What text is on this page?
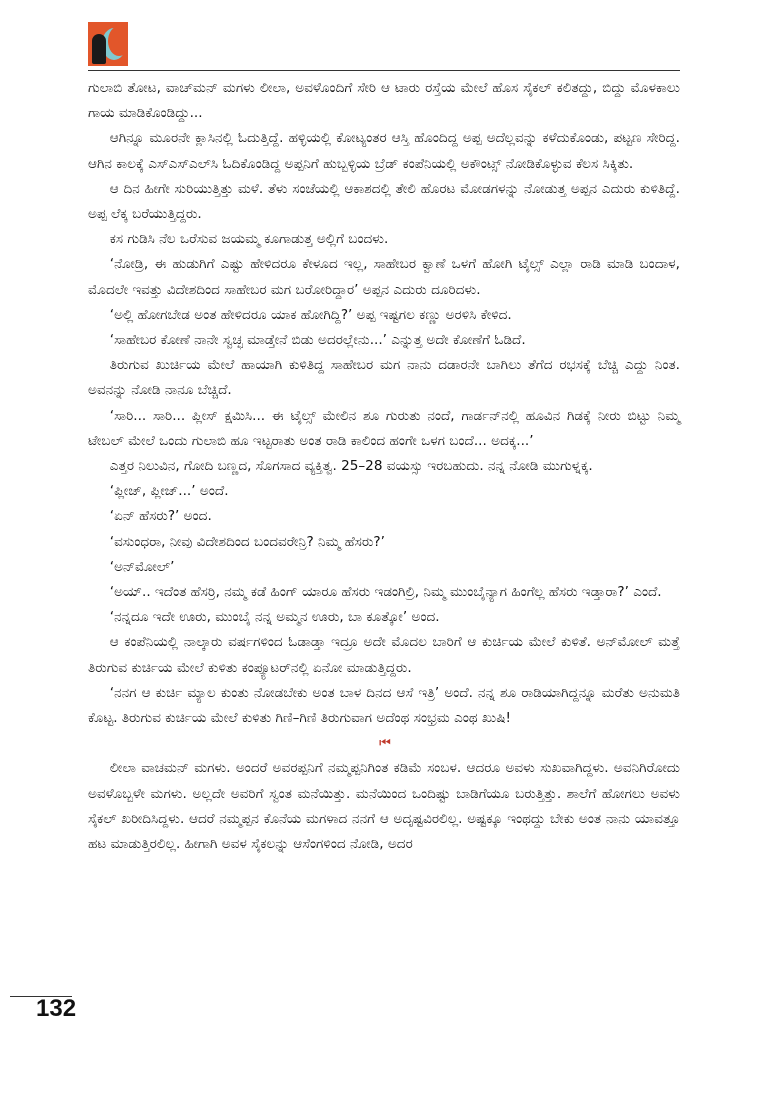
ಗುಲಾಬಿ ತೋಟ, ವಾಚ್‌ಮನ್ ಮಗಳು ಲೀಲಾ, ಅವಳೊಂದಿಗೆ ಸೇರಿ ಆ ಟಾರು ರಸ್ತೆಯ ಮೇಲೆ ಹೊಸ ಸೈಕಲ್ ಕಲಿತದ್ದು, ಬಿದ್ದು ಮೊಳಕಾಲು ಗಾಯ ಮಾಡಿಕೊಂಡಿದ್ದು...

ಆಗಿನ್ನೂ ಮೂರನೇ ಕ್ಲಾಸಿನಲ್ಲಿ ಓದುತ್ತಿದ್ದೆ. ಹಳ್ಳಿಯಲ್ಲಿ ಕೋಟ್ಯಂತರ ಆಸ್ತಿ ಹೊಂದಿದ್ದ ಅಪ್ಪ ಅದೆಲ್ಲವನ್ನು ಕಳೆದುಕೊಂಡು, ಪಟ್ಟಣ ಸೇರಿದ್ದ. ಆಗಿನ ಕಾಲಕ್ಕೆ ಎಸ್‌ಎಸ್‌ಎಲ್‌ಸಿ ಓದಿಕೊಂಡಿದ್ದ ಅಪ್ಪನಿಗೆ ಹುಬ್ಬಳ್ಳಿಯ ಬ್ರೆಡ್ ಕಂಪೆನಿಯಲ್ಲಿ ಅಕೌಂಟ್ಸ್ ನೋಡಿಕೊಳ್ಳುವ ಕೆಲಸ ಸಿಕ್ಕಿತು.

ಆ ದಿನ ಹೀಗೇ ಸುರಿಯುತ್ತಿತ್ತು ಮಳೆ. ತೆಳು ಸಂಜೆಯಲ್ಲಿ ಆಕಾಶದಲ್ಲಿ ತೇಲಿ ಹೊರಟ ಮೋಡಗಳನ್ನು ನೋಡುತ್ತ ಅಪ್ಪನ ಎದುರು ಕುಳಿತಿದ್ದೆ. ಅಪ್ಪ ಲೆಕ್ಕ ಬರೆಯುತ್ತಿದ್ದರು.

ಕಸ ಗುಡಿಸಿ ನೆಲ ಒರೆಸುವ ಜಯಮ್ಮ ಕೂಗಾಡುತ್ತ ಅಲ್ಲಿಗೆ ಬಂದಳು.

‘ನೋಡ್ರಿ, ಈ ಹುಡುಗಿಗೆ ಎಷ್ಟು ಹೇಳಿದರೂ ಕೇಳೂದ ಇಲ್ಲ, ಸಾಹೇಬರ ಕ್ವಾಣೆ ಒಳಗೆ ಹೋಗಿ ಟೈಲ್ಸ್ ಎಲ್ಲಾ ರಾಡಿ ಮಾಡಿ ಬಂದಾಳ, ಮೊದಲೇ ಇವತ್ತು ವಿದೇಶದಿಂದ ಸಾಹೇಬರ ಮಗ ಬರೋರಿದ್ದಾರ’ ಅಪ್ಪನ ಎದುರು ದೂರಿದಳು.

‘ಅಲ್ಲಿ ಹೋಗಬೇಡ ಅಂತ ಹೇಳಿದರೂ ಯಾಕ ಹೋಗಿದ್ದಿ?’ ಅಪ್ಪ ಇಷ್ಟಗಲ ಕಣ್ಣು ಅರಳಿಸಿ ಕೇಳಿದ.

‘ಸಾಹೇಬರ ಕೋಣೆ ನಾನೇ ಸ್ವಚ್ಛ ಮಾಡ್ತೇನೆ ಬಿಡು ಅದರಲ್ಲೇನು...’ ಎನ್ನುತ್ತ ಅದೇ ಕೋಣೆಗೆ ಓಡಿದೆ.

ತಿರುಗುವ ಖುರ್ಚಿಯ ಮೇಲೆ ಹಾಯಾಗಿ ಕುಳಿತಿದ್ದ ಸಾಹೇಬರ ಮಗ ನಾನು ದಡಾರನೇ ಬಾಗಿಲು ತೆಗೆದ ರಭಸಕ್ಕೆ ಬೆಚ್ಚಿ ಎದ್ದು ನಿಂತ. ಅವನನ್ನು ನೋಡಿ ನಾನೂ ಬೆಚ್ಚಿದೆ.

‘ಸಾರಿ... ಸಾರಿ... ಪ್ಲೀಸ್ ಕ್ಷಮಿಸಿ... ಈ ಟೈಲ್ಸ್ ಮೇಲಿನ ಶೂ ಗುರುತು ನಂದೆ, ಗಾರ್ಡನ್‌ನಲ್ಲಿ ಹೂವಿನ ಗಿಡಕ್ಕೆ ನೀರು ಬಿಟ್ಟು ನಿಮ್ಮ ಟೇಬಲ್ ಮೇಲೆ ಒಂದು ಗುಲಾಬಿ ಹೂ ಇಟ್ಟರಾತು ಅಂತ ರಾಡಿ ಕಾಲಿಂದ ಹಂಗೇ ಒಳಗ ಬಂದೆ... ಅದಕ್ಕ...’

ಎತ್ತರ ನಿಲುವಿನ, ಗೋದಿ ಬಣ್ಣದ, ಸೊಗಸಾದ ವ್ಯಕ್ತಿತ್ವ. 25–28 ವಯಸ್ಸು ಇರಬಹುದು. ನನ್ನ ನೋಡಿ ಮುಗುಳ್ನಕ್ಕ.

‘ಪ್ಲೀಜ್, ಪ್ಲೀಜ್...’ ಅಂದೆ.

‘ಏನ್ ಹೆಸರು?’ ಅಂದ.

‘ವಸುಂಧರಾ, ನೀವು ವಿದೇಶದಿಂದ ಬಂದವರೇನ್ರಿ? ನಿಮ್ಮ ಹೆಸರು?’

‘ಅನ್‌ಮೋಲ್’

‘ಅಯ್.. ಇದೆಂತ ಹೆಸರ್ರಿ, ನಮ್ಮ ಕಡೆ ಹಿಂಗ್ ಯಾರೂ ಹೆಸರು ಇಡಂಗಿಲ್ರಿ, ನಿಮ್ಮ ಮುಂಬೈನ್ಯಾಗ ಹಿಂಗೆಲ್ಲ ಹೆಸರು ಇಡ್ತಾರಾ?’ ಎಂದೆ.

‘ನನ್ನದೂ ಇದೇ ಊರು, ಮುಂಬೈ ನನ್ನ ಅಮ್ಮನ ಊರು, ಬಾ ಕೂತ್ಕೋ’ ಅಂದ.

ಆ ಕಂಪೆನಿಯಲ್ಲಿ ನಾಲ್ಕಾರು ವರ್ಷಗಳಿಂದ ಓಡಾಡ್ತಾ ಇದ್ರೂ ಅದೇ ಮೊದಲ ಬಾರಿಗೆ ಆ ಕುರ್ಚಿಯ ಮೇಲೆ ಕುಳಿತೆ. ಅನ್‌ಮೋಲ್ ಮತ್ತೆ ತಿರುಗುವ ಕುರ್ಚಿಯ ಮೇಲೆ ಕುಳಿತು ಕಂಪ್ಯೂಟರ್‌ನಲ್ಲಿ ಏನೋ ಮಾಡುತ್ತಿದ್ದರು.

‘ನನಗ ಆ ಕುರ್ಚಿ ಮ್ಯಾಲ ಕುಂತು ನೋಡಬೇಕು ಅಂತ ಬಾಳ ದಿನದ ಆಸೆ ಇತ್ರಿ’ ಅಂದೆ. ನನ್ನ ಶೂ ರಾಡಿಯಾಗಿದ್ದನ್ನೂ ಮರೆತು ಅನುಮತಿ ಕೊಟ್ಟ. ತಿರುಗುವ ಕುರ್ಚಿಯ ಮೇಲೆ ಕುಳಿತು ಗಿಣಿ–ಗಿಣಿ ತಿರುಗುವಾಗ ಅದೆಂಥ ಸಂಭ್ರಮ ಎಂಥ ಖುಷಿ!

⏮

ಲೀಲಾ ವಾಚಮನ್ ಮಗಳು. ಅಂದರೆ ಅವರಪ್ಪನಿಗೆ ನಮ್ಮಪ್ಪನಿಗಿಂತ ಕಡಿಮೆ ಸಂಬಳ. ಆದರೂ ಅವಳು ಸುಖವಾಗಿದ್ದಳು. ಅವನಿಗಿರೋದು ಅವಳೊಬ್ಬಳೇ ಮಗಳು. ಅಲ್ಲದೇ ಅವರಿಗೆ ಸ್ವಂತ ಮನೆಯಿತ್ತು. ಮನೆಯಿಂದ ಒಂದಿಷ್ಟು ಬಾಡಿಗೆಯೂ ಬರುತ್ತಿತ್ತು. ಶಾಲೆಗೆ ಹೋಗಲು ಅವಳು ಸೈಕಲ್ ಖರೀದಿಸಿದ್ದಳು. ಆದರೆ ನಮ್ಮಪ್ಪನ ಕೊನೆಯ ಮಗಳಾದ ನನಗೆ ಆ ಅದೃಷ್ಟವಿರಲಿಲ್ಲ. ಅಷ್ಟಕ್ಕೂ ಇಂಥದ್ದು ಬೇಕು ಅಂತ ನಾನು ಯಾವತ್ತೂ ಹಟ ಮಾಡುತ್ತಿರಲಿಲ್ಲ. ಹೀಗಾಗಿ ಅವಳ ಸೈಕಲನ್ನು ಆಸೆಂಗಳಿಂದ ನೋಡಿ, ಅದರ

132
